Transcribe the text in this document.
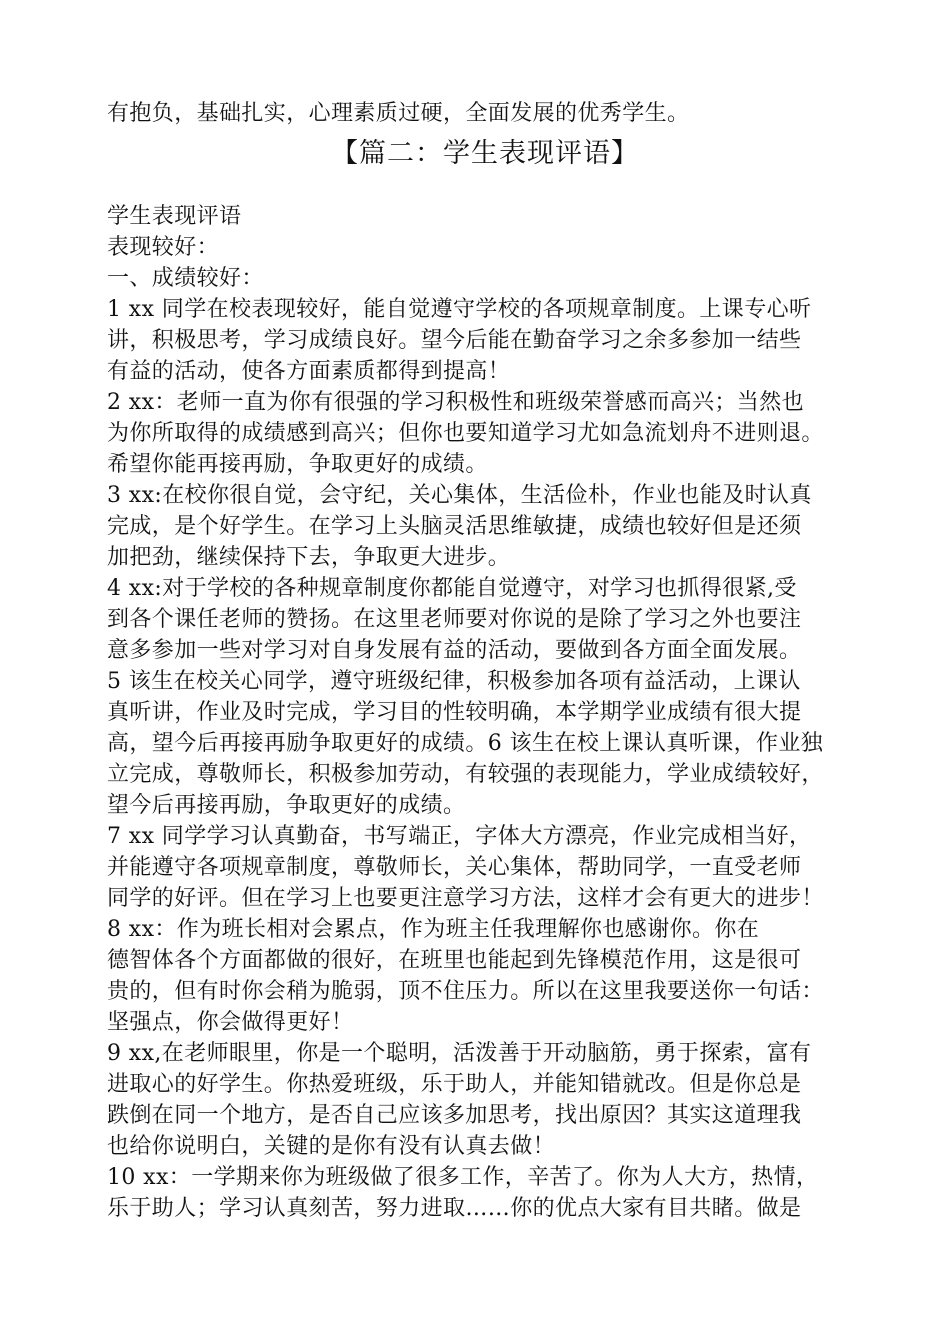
有抱负，基础扎实，心理素质过硬，全面发展的优秀学生。
【篇二：学生表现评语】
学生表现评语
表现较好：
一、成绩较好：
1 xx 同学在校表现较好，能自觉遵守学校的各项规章制度。上课专心听
讲，积极思考，学习成绩良好。望今后能在勤奋学习之余多参加一结些
有益的活动，使各方面素质都得到提高！
2 xx：老师一直为你有很强的学习积极性和班级荣誉感而高兴；当然也
为你所取得的成绩感到高兴；但你也要知道学习尤如急流划舟不进则退。
希望你能再接再励，争取更好的成绩。
3 xx:在校你很自觉，会守纪，关心集体，生活俭朴，作业也能及时认真
完成，是个好学生。在学习上头脑灵活思维敏捷，成绩也较好但是还须
加把劲，继续保持下去，争取更大进步。
4 xx:对于学校的各种规章制度你都能自觉遵守，对学习也抓得很紧,受
到各个课任老师的赞扬。在这里老师要对你说的是除了学习之外也要注
意多参加一些对学习对自身发展有益的活动，要做到各方面全面发展。
5 该生在校关心同学，遵守班级纪律，积极参加各项有益活动，上课认
真听讲，作业及时完成，学习目的性较明确，本学期学业成绩有很大提
高，望今后再接再励争取更好的成绩。6 该生在校上课认真听课，作业独
立完成，尊敬师长，积极参加劳动，有较强的表现能力，学业成绩较好，
望今后再接再励，争取更好的成绩。
7 xx 同学学习认真勤奋，书写端正，字体大方漂亮，作业完成相当好，
并能遵守各项规章制度，尊敬师长，关心集体，帮助同学，一直受老师
同学的好评。但在学习上也要更注意学习方法，这样才会有更大的进步！
8 xx：作为班长相对会累点，作为班主任我理解你也感谢你。你在
德智体各个方面都做的很好，在班里也能起到先锋模范作用，这是很可
贵的，但有时你会稍为脆弱，顶不住压力。所以在这里我要送你一句话：
坚强点，你会做得更好！
9 xx,在老师眼里，你是一个聪明，活泼善于开动脑筋，勇于探索，富有
进取心的好学生。你热爱班级，乐于助人，并能知错就改。但是你总是
跌倒在同一个地方，是否自己应该多加思考，找出原因？其实这道理我
也给你说明白，关键的是你有没有认真去做！
10 xx：一学期来你为班级做了很多工作，辛苦了。你为人大方，热情，
乐于助人；学习认真刻苦，努力进取……你的优点大家有目共睹。做是
